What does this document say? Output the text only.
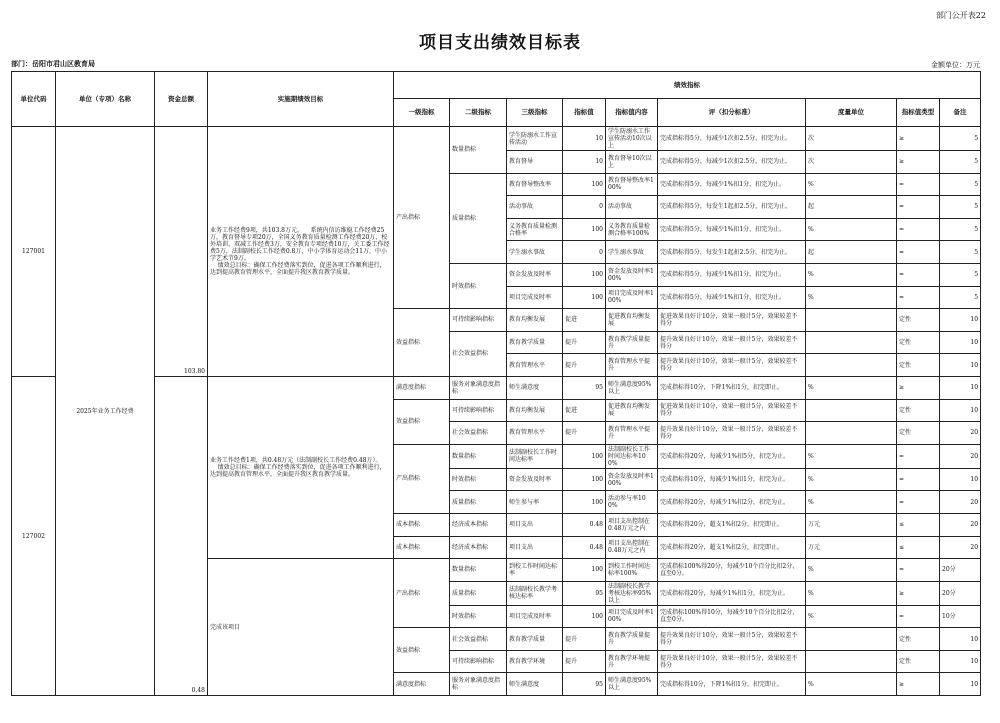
部门公开表22
项目支出绩效目标表
部门：岳阳市君山区教育局	金额单位：万元
单位代码	单位（专项）名称	资金总额	实施期绩效目标	绩效指标								
				一级指标	二级指标	三级指标	指标值	指标值内容	评（扣分标准）	度量单位	指标值类型	备注
127001	2025年业务工作经费	103.80	业务工作经费9项，共103.8万元。    系统内信访维稳工作经费25万，教育督导专项20万，全国义务教育质量检测工作经费20万，校外培训、双减工作经费3万，安全教育专项经费10万，关工委工作经费5万，法制副校长工作经费0.8万，中小学体育运动会11万，中小学艺术节9万。
绩效总目标：确保工作经费落实到位，促进各项工作顺利进行，达到提高教育管理水平，全面提升我区教育教学质量。	产出指标	数量指标	学生防溺水工作宣传活动	10	学生防溺水工作宣传活动10次以上	完成指标得5分，每减少1次扣2.5分，扣完为止。	次	≥	5
						教育督导	10	教育督导10次以上	完成指标得5分，每减少1次扣2.5分，扣完为止。	次	≥	5
					质量指标	教育督导整改率	100	教育督导整改率100%	完成指标得5分，每减少1%扣1分，扣完为止。	%	=	5
						活动事故	0	活动事故	完成指标得5分，每发生1起扣2.5分，扣完为止。	起	=	5
						义务教育质量检测合格率	100	义务教育质量检测合格率100%	完成指标得5分，每减少1%扣1分，扣完为止。	%	=	5
						学生溺水事故	0	学生溺水事故	完成指标得5分，每发生1起扣2.5分，扣完为止。	起	=	5
					时效指标	资金发放及时率	100	资金发放及时率100%	完成指标得5分，每减少1%扣1分，扣完为止。	%	=	5
						项目完成及时率	100	项目完成及时率100%	完成指标得5分，每减少1%扣1分，扣完为止。	%	=	5
				效益指标	可持续影响指标	教育均衡发展	促进	促进教育均衡发展	促进效果良好计10分，效果一般计5分，效果较差不得分		定性	10
					社会效益指标	教育教学质量	提升	教育教学质量提升	提升效果良好计10分，效果一般计5分，效果较差不得分		定性	10
						教育管理水平	提升	教育管理水平提升	提升效果良好计10分，效果一般计5分，效果较差不得分		定性	10
127002		0.48	业务工作经费1项，共0.48万元（法制副校长工作经费0.48万）。
绩效总目标：确保工作经费落实到位，促进各项工作顺利进行，达到提高教育管理水平，全面提升我区教育教学质量。	满意度指标	服务对象满意度指标	师生满意度	95	师生满意度95%以上	完成指标得10分，下降1%扣1分，扣完即止。	%	≥	10
				效益指标	可持续影响指标	教育均衡发展	促进	促进教育均衡发展	促进效果良好计10分，效果一般计5分，效果较差不得分		定性	10
					社会效益指标	教育管理水平	提升	教育管理水平提升	提升效果良好计10分，效果一般计5分，效果较差不得分		定性	20
				产出指标	数量指标	法制副校长工作时间达标率	100	法制副校长工作时间达标率100%	完成指标得20分，每减少1%扣5分，扣完为止。	%	=	20
					时效指标	资金发放及时率	100	资金发放及时率100%	完成指标得10分，每减少1%扣1分，扣完为止。	%	=	10
					质量指标	师生参与率	100	活动参与率100%	完成指标得20分，每减少1%扣2分，扣完为止。	%	=	20
				成本指标	经济成本指标	项目支出	0.48	项目支出控制在0.48万元之内	完成指标得20分，超支1%扣2分，扣完即止。	万元	≤	20
				成本指标	经济成本指标	项目支出	0.48	项目支出控制在0.48万元之内	完成指标得20分，超支1%扣2分，扣完即止。	万元	≤	20
			完成该项目	产出指标	数量指标	到校工作时间达标率	100	到校工作时间达标率100%	完成指标100%得20分，每减少10个百分比扣2分，直至0分。	%	=	20分
					质量指标	法制副校长教学考核达标率	95	法制副校长教学考核达标率95%以上	完成指标得20分，每减少1%扣1分，扣完为止。	%	≥	20分
					时效指标	项目完成及时率	100	项目完成及时率100%	完成指标100%得10分，每减少10个百分比扣2分，直至0分。	%	=	10分
				效益指标	社会效益指标	教育教学质量	提升	教育教学质量提升	提升效果良好计10分，效果一般计5分，效果较差不得分		定性	10
					可持续影响指标	教育教学环境	提升	教育教学环境提升	提升效果良好计10分，效果一般计5分，效果较差不得分		定性	10
				满意度指标	服务对象满意度指标	师生满意度	95	师生满意度95%以上	完成指标得10分，下降1%扣1分，扣完即止。	%	≥	10
